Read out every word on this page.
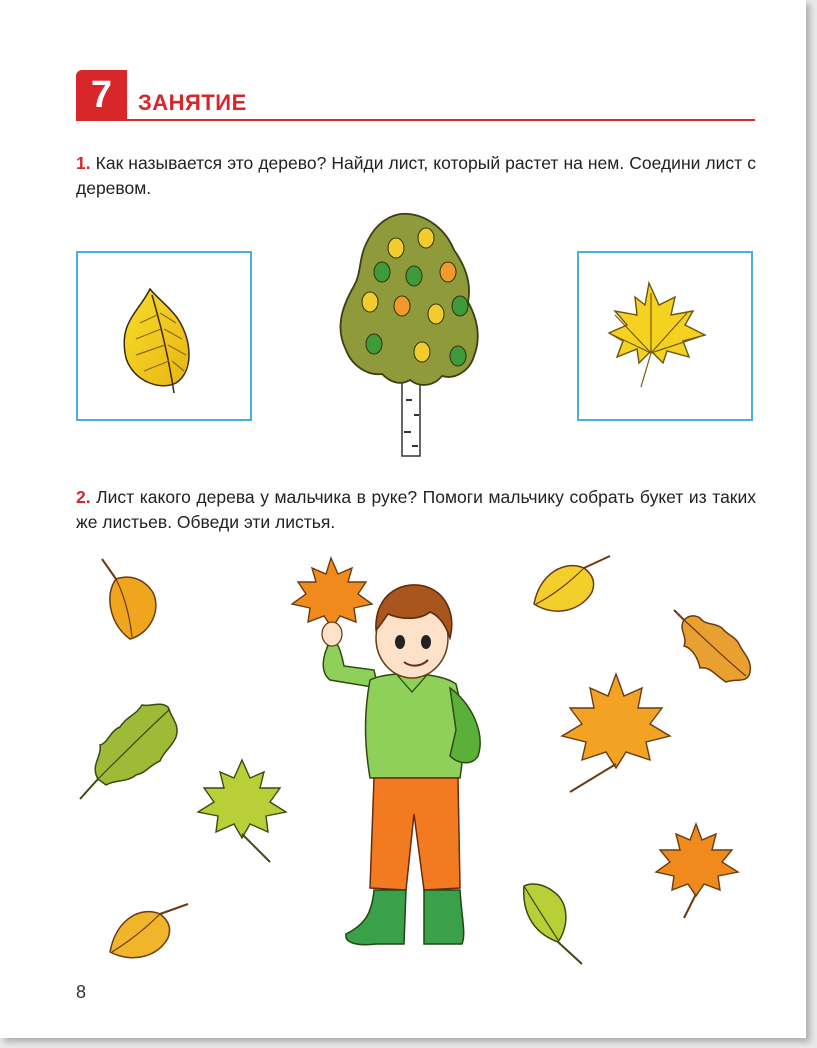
7	ЗАНЯТИЕ
1. Как называется это дерево? Найди лист, который растет на нем. Соедини лист с деревом.
2. Лист какого дерева у мальчика в руке? Помоги мальчику собрать букет из таких же листьев. Обведи эти листья.
8
